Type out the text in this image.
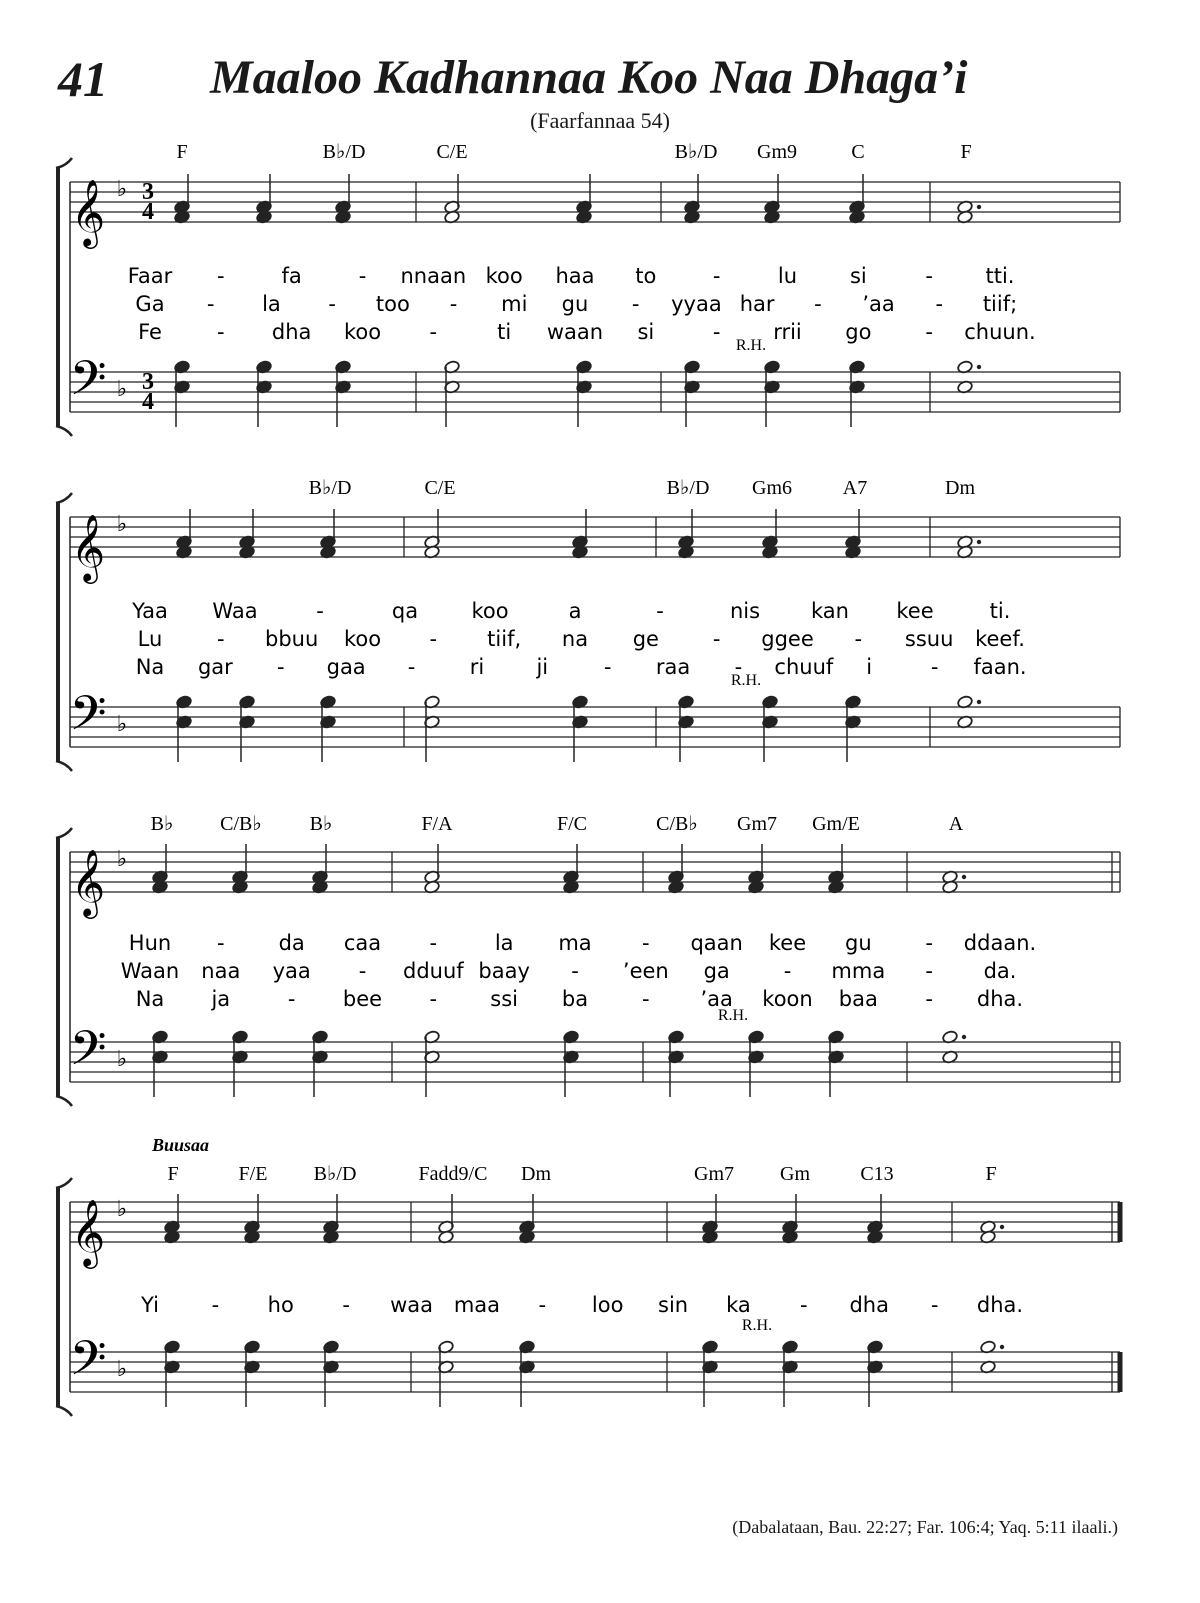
𝄞 ♭ 3
4
𝄢 ♭ 3
4
F	B♭/D	C/E	B♭/D Gm9	C	F
R.H.
Faar -	fa	- nnaan koo haa to	-	lu	si	-	tti.
Ga - la - too - mi gu - yyaa har - ’aa - tiif;
Fe	- dha koo -	ti waan si	-	rrii go	- chuun.
𝄞 ♭
𝄢 ♭
B♭/D	C/E	B♭/D Gm6	A7	Dm
R.H.
Yaa Waa	-	qa	koo	a	-	nis kan kee	ti.
Lu	- bbuu koo - tiif, na ge	- ggee - ssuu keef.
Na gar - gaa -	ri ji	- raa - chuuf i	- faan.
𝄞 ♭
𝄢 ♭
B♭ C/B♭ B♭	F/A	F/C	C/B♭ Gm7 Gm/E	A
R.H.
Hun -	da caa -	la ma - qaan kee gu	- ddaan.
Waan naa yaa - dduuf baay - ’een ga	- mma - da.
Na ja	- bee -	ssi ba	- ’aa koon baa - dha.
𝄞 ♭
𝄢 ♭
F	F/E B♭/D	Fadd9/C Dm	Gm7 Gm	C13	F
R.H.
Yi	- ho - waa maa - loo sin ka - dha - dha.
Buusaa
41 Maaloo Kadhannaa Koo Naa Dhaga’i
(Faarfannaa 54)
(Dabalataan, Bau. 22:27; Far. 106:4; Yaq. 5:11 ilaali.)
